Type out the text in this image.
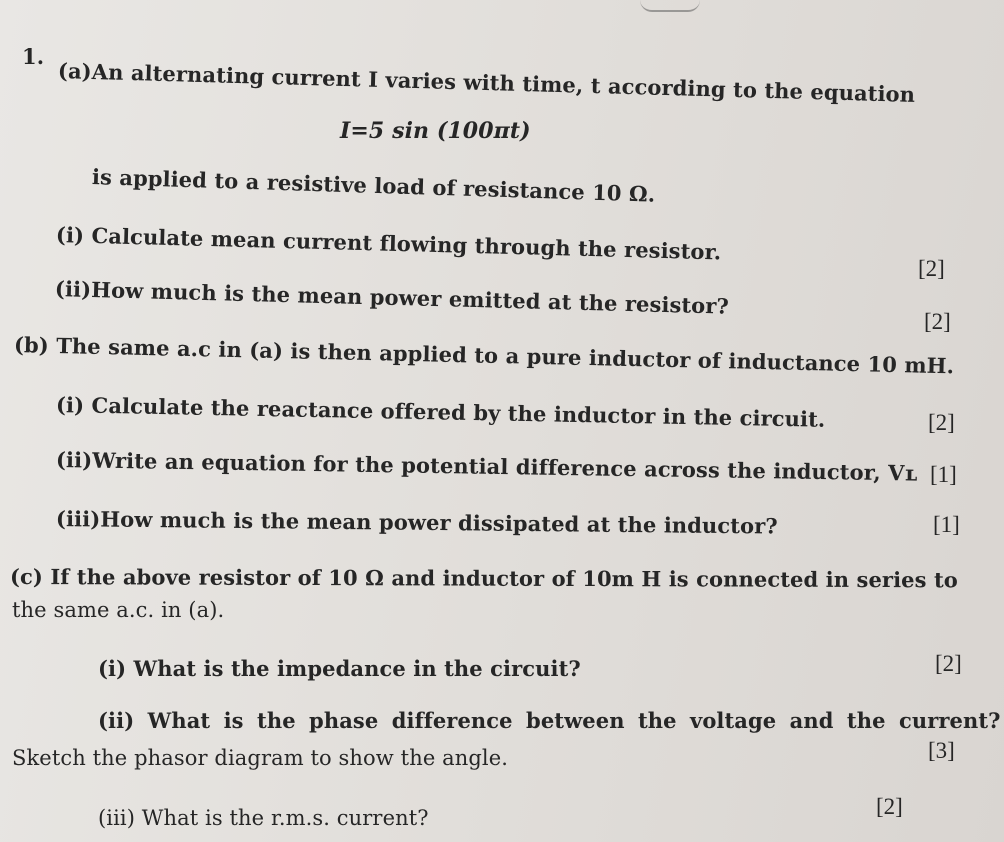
1.
(a)An alternating current I varies with time, t according to the equation
I=5 sin (100πt)
is applied to a resistive load of resistance 10 Ω.
(i) Calculate mean current flowing through the resistor.
[2]
(ii)How much is the mean power emitted at the resistor?
[2]
(b) The same a.c in (a) is then applied to a pure inductor of inductance 10 mH.
(i) Calculate the reactance offered by the inductor in the circuit.	[2]
(ii)Write an equation for the potential difference across the inductor, Vʟ [1]
(iii)How much is the mean power dissipated at the inductor?	[1]
(c) If the above resistor of 10 Ω and inductor of 10m H is connected in series to
the same a.c. in (a).
(i) What is the impedance in the circuit?	[2]
(ii) What is the phase difference between the voltage and the current?
Sketch the phasor diagram to show the angle.	[3]
(iii) What is the r.m.s. current?	[2]
